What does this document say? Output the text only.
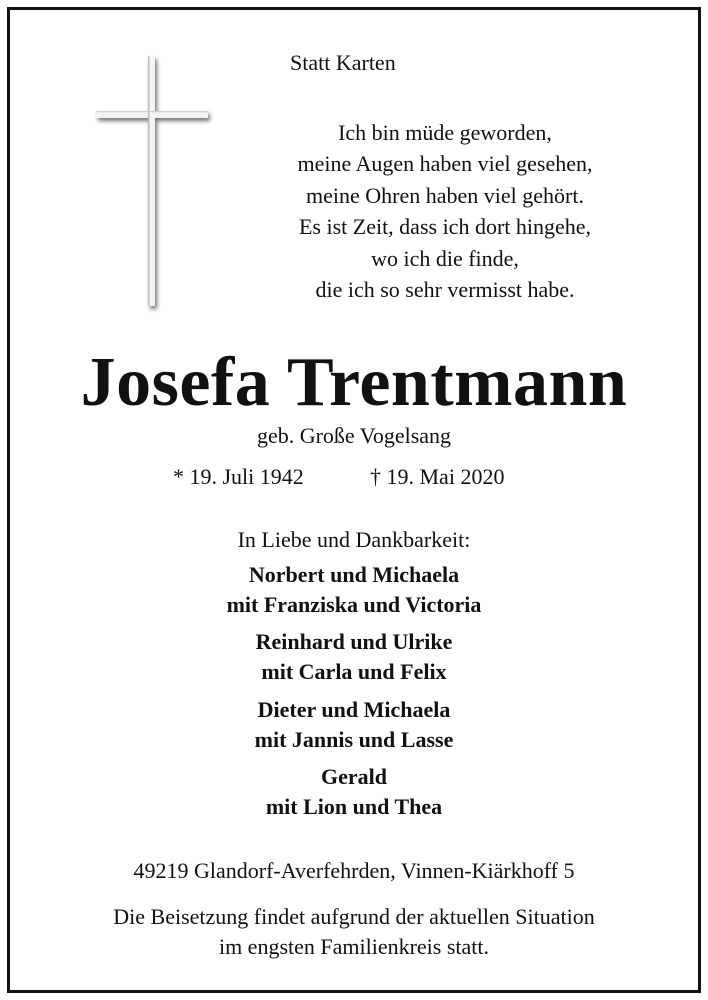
Statt Karten
Ich bin müde geworden,
meine Augen haben viel gesehen,
meine Ohren haben viel gehört.
Es ist Zeit, dass ich dort hingehe,
wo ich die finde,
die ich so sehr vermisst habe.
Josefa Trentmann
geb. Große Vogelsang
* 19. Juli 1942	† 19. Mai 2020
In Liebe und Dankbarkeit:
Norbert und Michaela
mit Franziska und Victoria
Reinhard und Ulrike
mit Carla und Felix
Dieter und Michaela
mit Jannis und Lasse
Gerald
mit Lion und Thea
49219 Glandorf-Averfehrden, Vinnen-Kiärkhoff 5
Die Beisetzung findet aufgrund der aktuellen Situation
im engsten Familienkreis statt.
